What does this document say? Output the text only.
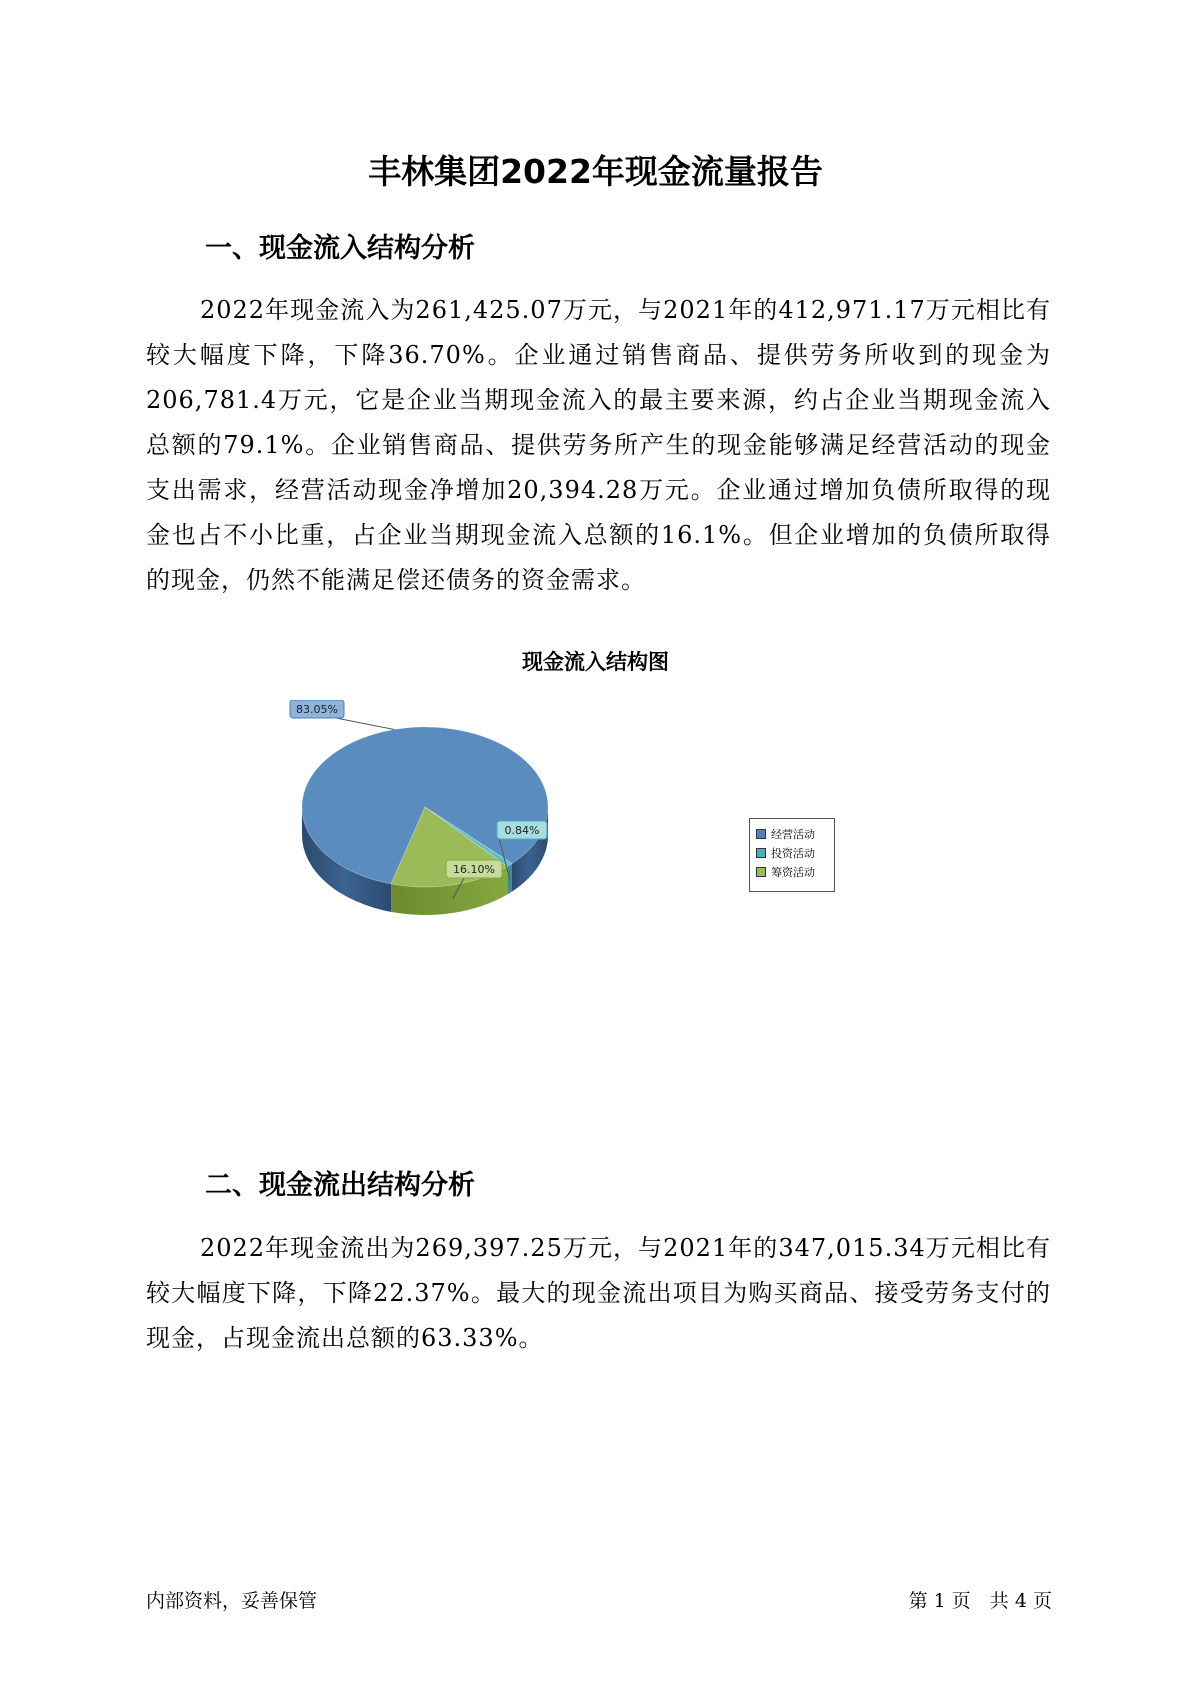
丰林集团2022年现金流量报告
一、现金流入结构分析
2022年现金流入为261,425.07万元，与2021年的412,971.17万元相比有较大幅度下降，下降36.70%。企业通过销售商品、提供劳务所收到的现金为206,781.4万元，它是企业当期现金流入的最主要来源，约占企业当期现金流入总额的79.1%。企业销售商品、提供劳务所产生的现金能够满足经营活动的现金支出需求，经营活动现金净增加20,394.28万元。企业通过增加负债所取得的现金也占不小比重，占企业当期现金流入总额的16.1%。但企业增加的负债所取得的现金，仍然不能满足偿还债务的资金需求。
现金流入结构图
83.05%
0.84%
16.10%
经营活动
投资活动
筹资活动
二、现金流出结构分析
2022年现金流出为269,397.25万元，与2021年的347,015.34万元相比有较大幅度下降，下降22.37%。最大的现金流出项目为购买商品、接受劳务支付的现金，占现金流出总额的63.33%。
内部资料，妥善保管	第 1 页　共 4 页
